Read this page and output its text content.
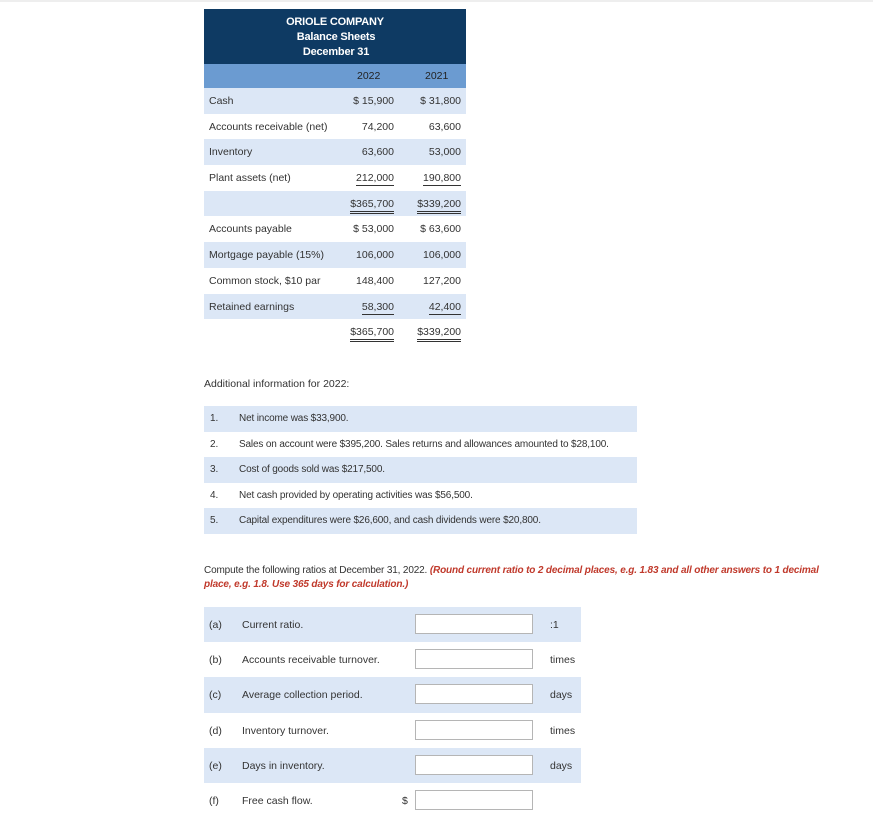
ORIOLE COMPANY
Balance Sheets
December 31
2022	2021
Cash	$ 15,900	$ 31,800
Accounts receivable (net)	74,200	63,600
Inventory	63,600	53,000
Plant assets (net)	212,000	190,800
$365,700	$339,200
Accounts payable	$ 53,000	$ 63,600
Mortgage payable (15%)	106,000	106,000
Common stock, $10 par	148,400	127,200
Retained earnings	58,300	42,400
$365,700	$339,200
Additional information for 2022:
1. Net income was $33,900.
2. Sales on account were $395,200. Sales returns and allowances amounted to $28,100.
3. Cost of goods sold was $217,500.
4. Net cash provided by operating activities was $56,500.
5. Capital expenditures were $26,600, and cash dividends were $20,800.
Compute the following ratios at December 31, 2022. (Round current ratio to 2 decimal places, e.g. 1.83 and all other answers to 1 decimal place, e.g. 1.8. Use 365 days for calculation.)
(a) Current ratio.	:1
(b) Accounts receivable turnover.	times
(c) Average collection period.	days
(d) Inventory turnover.	times
(e) Days in inventory.	days
(f) Free cash flow.	$
